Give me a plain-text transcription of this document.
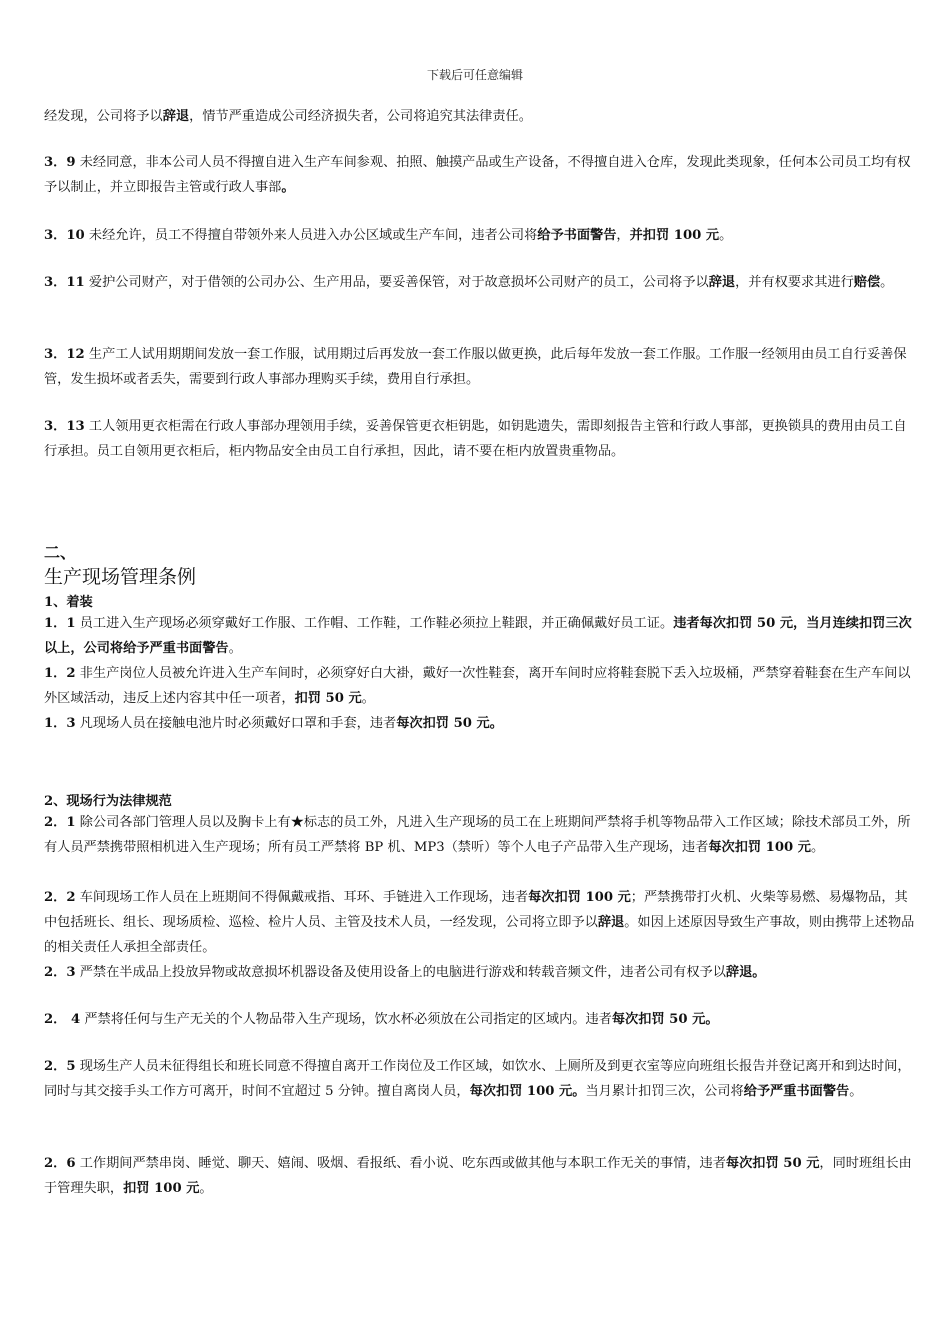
下载后可任意编辑

经发现，公司将予以辞退，情节严重造成公司经济损失者，公司将追究其法律责任。

3．9 未经同意，非本公司人员不得擅自进入生产车间参观、拍照、触摸产品或生产设备，不得擅自进入仓库，发现此类现象，任何本公司员工均有权予以制止，并立即报告主管或行政人事部。

3．10 未经允许，员工不得擅自带领外来人员进入办公区域或生产车间，违者公司将给予书面警告，并扣罚 100 元。

3．11 爱护公司财产，对于借领的公司办公、生产用品，要妥善保管，对于故意损坏公司财产的员工，公司将予以辞退，并有权要求其进行赔偿。

3．12 生产工人试用期期间发放一套工作服，试用期过后再发放一套工作服以做更换，此后每年发放一套工作服。工作服一经领用由员工自行妥善保管，发生损坏或者丢失，需要到行政人事部办理购买手续，费用自行承担。

3．13 工人领用更衣柜需在行政人事部办理领用手续，妥善保管更衣柜钥匙，如钥匙遗失，需即刻报告主管和行政人事部，更换锁具的费用由员工自行承担。员工自领用更衣柜后，柜内物品安全由员工自行承担，因此，请不要在柜内放置贵重物品。

二、
生产现场管理条例
1、着装

1．1 员工进入生产现场必须穿戴好工作服、工作帽、工作鞋，工作鞋必须拉上鞋跟，并正确佩戴好员工证。违者每次扣罚 50 元，当月连续扣罚三次以上，公司将给予严重书面警告。

1．2 非生产岗位人员被允许进入生产车间时，必须穿好白大褂，戴好一次性鞋套，离开车间时应将鞋套脱下丢入垃圾桶，严禁穿着鞋套在生产车间以外区域活动，违反上述内容其中任一项者，扣罚 50 元。

1．3 凡现场人员在接触电池片时必须戴好口罩和手套，违者每次扣罚 50 元。

2、现场行为法律规范

2．1 除公司各部门管理人员以及胸卡上有★标志的员工外，凡进入生产现场的员工在上班期间严禁将手机等物品带入工作区域；除技术部员工外，所有人员严禁携带照相机进入生产现场；所有员工严禁将 BP 机、MP3（禁听）等个人电子产品带入生产现场，违者每次扣罚 100 元。

2．2 车间现场工作人员在上班期间不得佩戴戒指、耳环、手链进入工作现场，违者每次扣罚 100 元；严禁携带打火机、火柴等易燃、易爆物品，其中包括班长、组长、现场质检、巡检、检片人员、主管及技术人员，一经发现，公司将立即予以辞退。如因上述原因导致生产事故，则由携带上述物品的相关责任人承担全部责任。

2．3 严禁在半成品上投放异物或故意损坏机器设备及使用设备上的电脑进行游戏和转载音频文件，违者公司有权予以辞退。

2． 4 严禁将任何与生产无关的个人物品带入生产现场，饮水杯必须放在公司指定的区域内。违者每次扣罚 50 元。

2．5 现场生产人员未征得组长和班长同意不得擅自离开工作岗位及工作区域，如饮水、上厕所及到更衣室等应向班组长报告并登记离开和到达时间，同时与其交接手头工作方可离开，时间不宜超过 5 分钟。擅自离岗人员，每次扣罚 100 元。当月累计扣罚三次，公司将给予严重书面警告。

2．6 工作期间严禁串岗、睡觉、聊天、嬉闹、吸烟、看报纸、看小说、吃东西或做其他与本职工作无关的事情，违者每次扣罚 50 元，同时班组长由于管理失职，扣罚 100 元。
